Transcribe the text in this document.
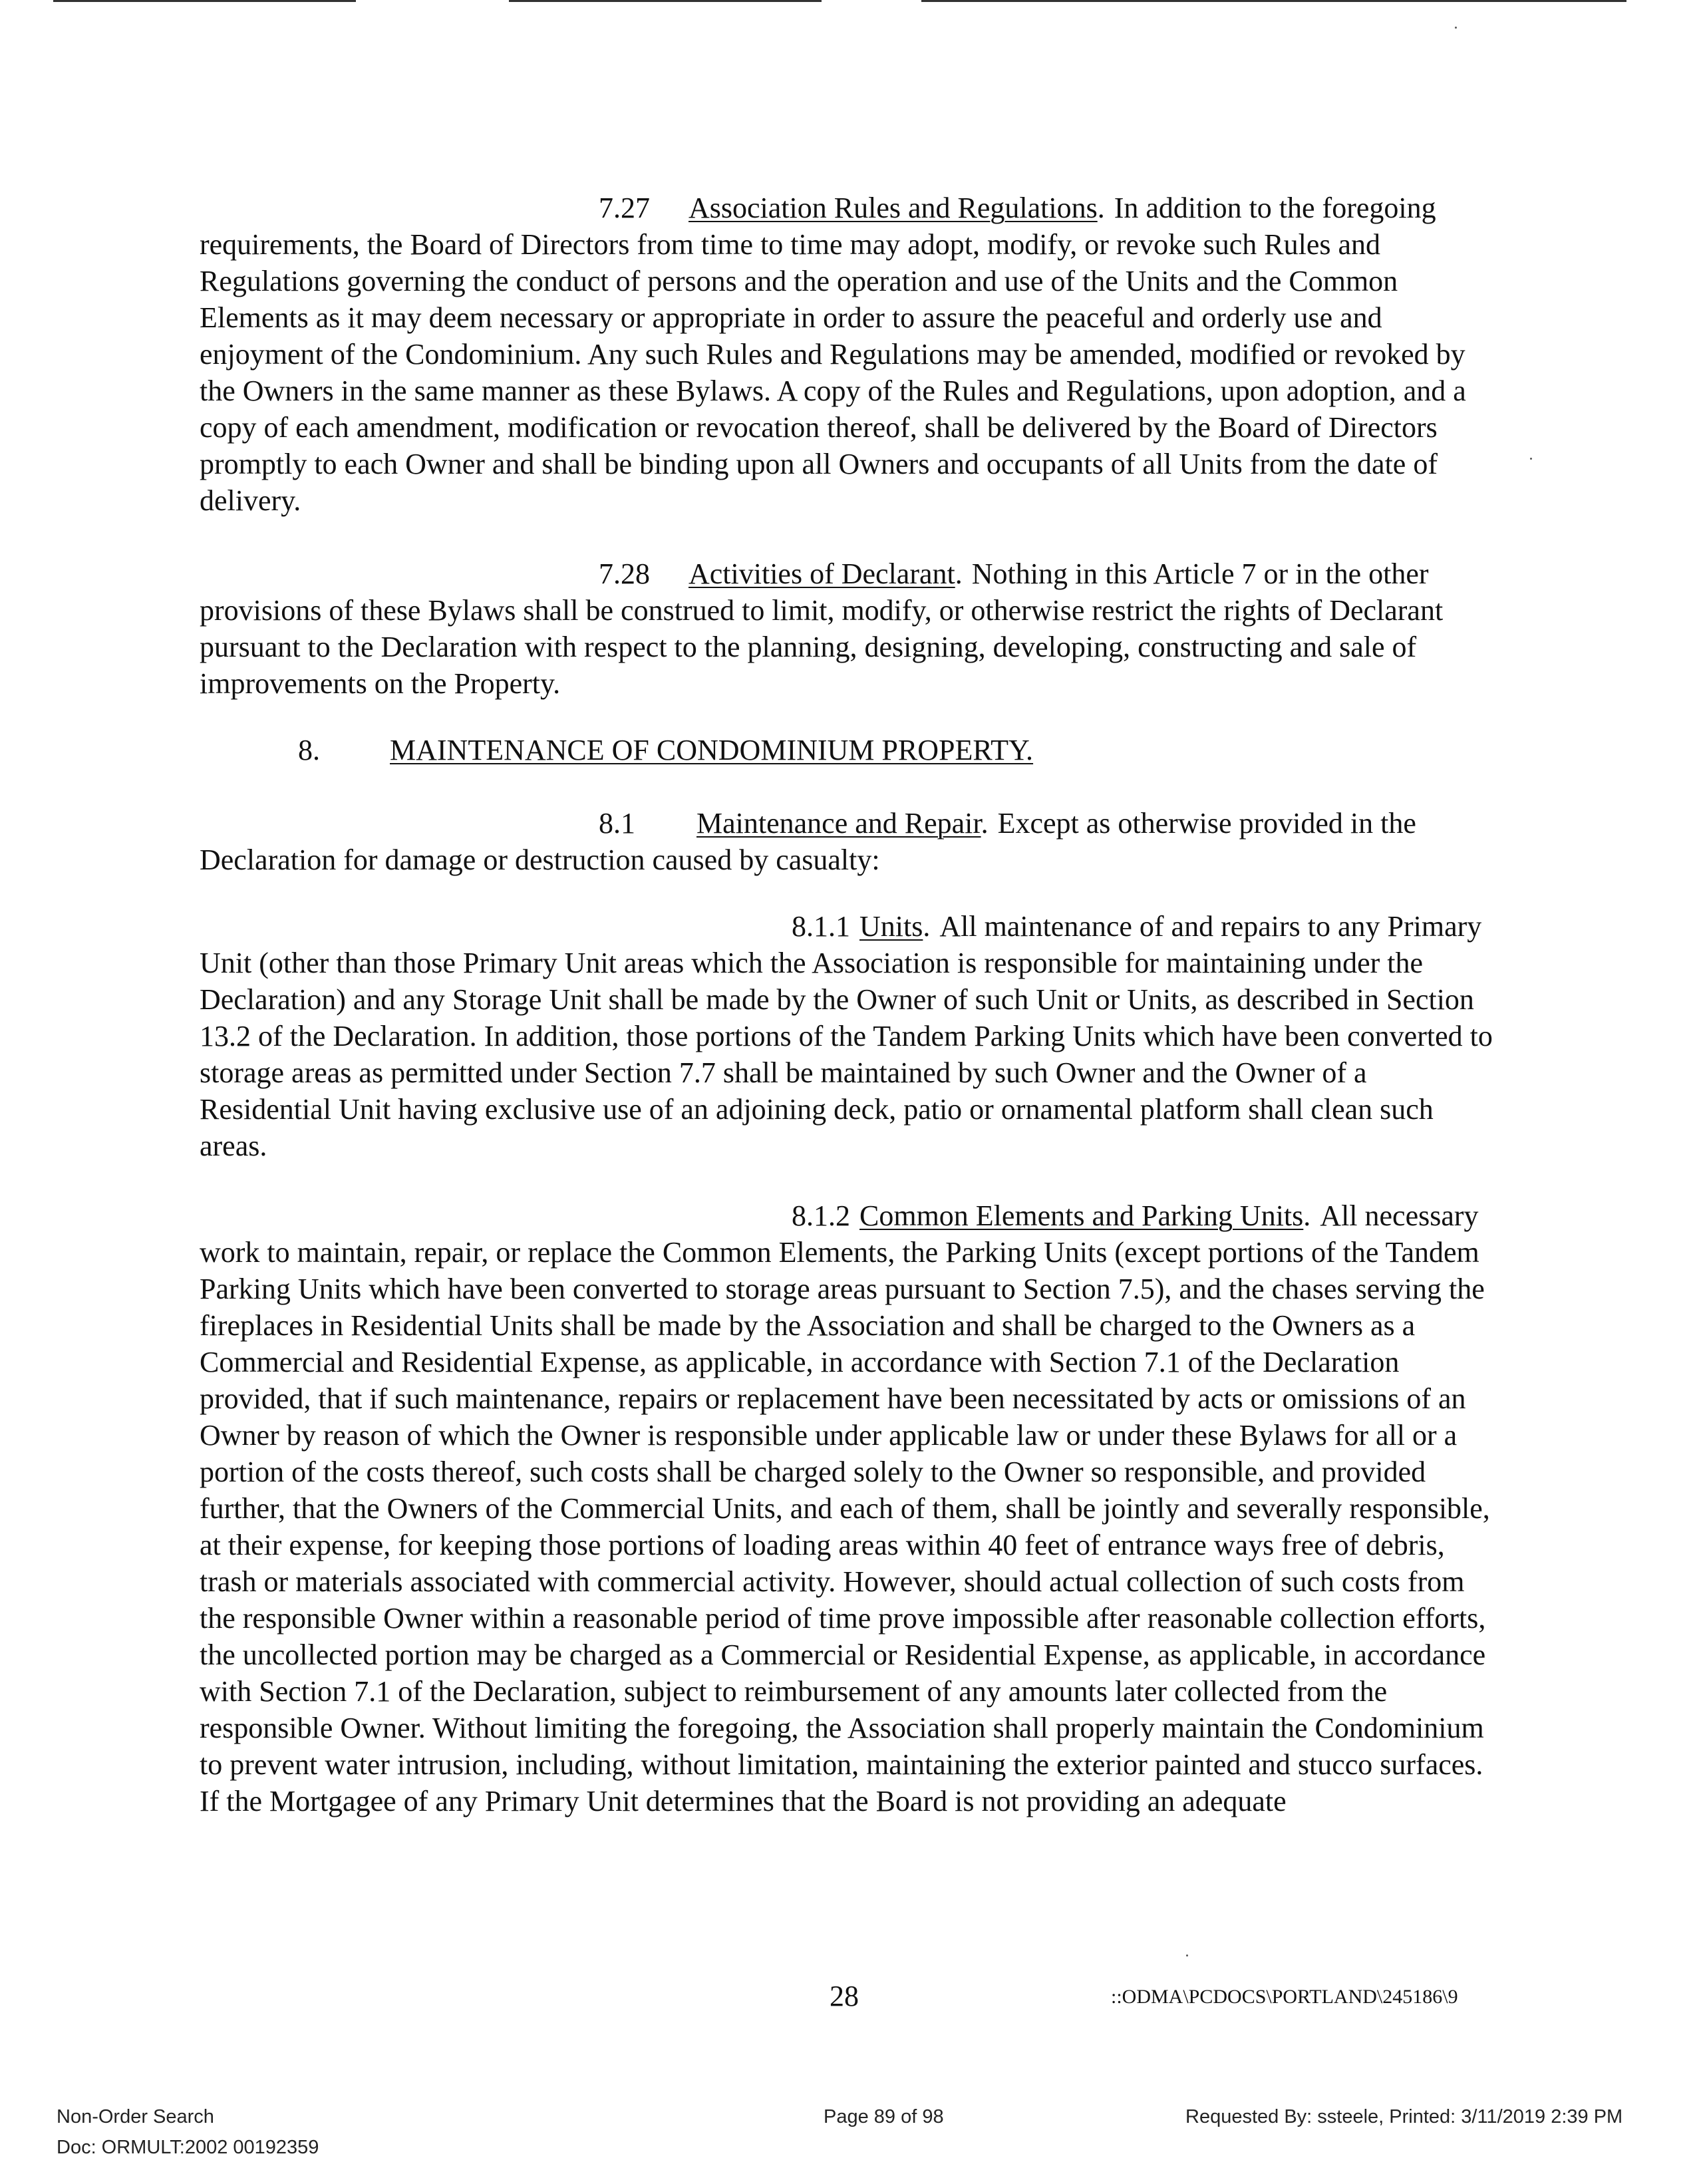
7.27 Association Rules and Regulations. In addition to the foregoing requirements, the Board of Directors from time to time may adopt, modify, or revoke such Rules and Regulations governing the conduct of persons and the operation and use of the Units and the Common Elements as it may deem necessary or appropriate in order to assure the peaceful and orderly use and enjoyment of the Condominium. Any such Rules and Regulations may be amended, modified or revoked by the Owners in the same manner as these Bylaws. A copy of the Rules and Regulations, upon adoption, and a copy of each amendment, modification or revocation thereof, shall be delivered by the Board of Directors promptly to each Owner and shall be binding upon all Owners and occupants of all Units from the date of delivery.

7.28 Activities of Declarant. Nothing in this Article 7 or in the other provisions of these Bylaws shall be construed to limit, modify, or otherwise restrict the rights of Declarant pursuant to the Declaration with respect to the planning, designing, developing, constructing and sale of improvements on the Property.

8. MAINTENANCE OF CONDOMINIUM PROPERTY.

8.1 Maintenance and Repair. Except as otherwise provided in the Declaration for damage or destruction caused by casualty:

8.1.1 Units. All maintenance of and repairs to any Primary Unit (other than those Primary Unit areas which the Association is responsible for maintaining under the Declaration) and any Storage Unit shall be made by the Owner of such Unit or Units, as described in Section 13.2 of the Declaration. In addition, those portions of the Tandem Parking Units which have been converted to storage areas as permitted under Section 7.7 shall be maintained by such Owner and the Owner of a Residential Unit having exclusive use of an adjoining deck, patio or ornamental platform shall clean such areas.

8.1.2 Common Elements and Parking Units. All necessary work to maintain, repair, or replace the Common Elements, the Parking Units (except portions of the Tandem Parking Units which have been converted to storage areas pursuant to Section 7.5), and the chases serving the fireplaces in Residential Units shall be made by the Association and shall be charged to the Owners as a Commercial and Residential Expense, as applicable, in accordance with Section 7.1 of the Declaration provided, that if such maintenance, repairs or replacement have been necessitated by acts or omissions of an Owner by reason of which the Owner is responsible under applicable law or under these Bylaws for all or a portion of the costs thereof, such costs shall be charged solely to the Owner so responsible, and provided further, that the Owners of the Commercial Units, and each of them, shall be jointly and severally responsible, at their expense, for keeping those portions of loading areas within 40 feet of entrance ways free of debris, trash or materials associated with commercial activity. However, should actual collection of such costs from the responsible Owner within a reasonable period of time prove impossible after reasonable collection efforts, the uncollected portion may be charged as a Commercial or Residential Expense, as applicable, in accordance with Section 7.1 of the Declaration, subject to reimbursement of any amounts later collected from the responsible Owner. Without limiting the foregoing, the Association shall properly maintain the Condominium to prevent water intrusion, including, without limitation, maintaining the exterior painted and stucco surfaces. If the Mortgagee of any Primary Unit determines that the Board is not providing an adequate

28	::ODMA\PCDOCS\PORTLAND\245186\9
Non-Order Search
Doc: ORMULT:2002 00192359
Page 89 of 98	Requested By: ssteele, Printed: 3/11/2019 2:39 PM
